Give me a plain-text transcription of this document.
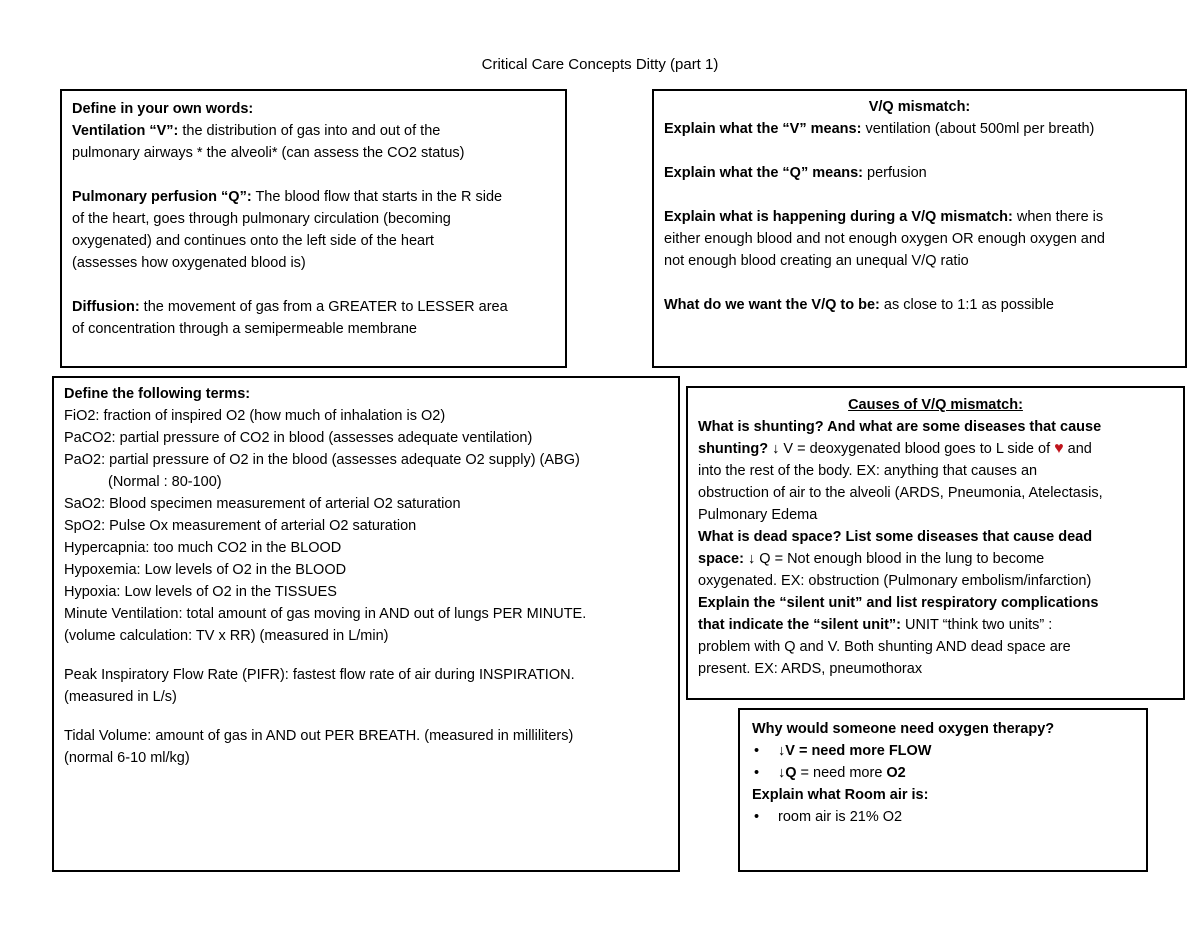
Critical Care Concepts Ditty (part 1)

Define in your own words:

Ventilation “V”: the distribution of gas into and out of the

pulmonary airways * the alveoli* (can assess the CO2 status)

Pulmonary perfusion “Q”: The blood flow that starts in the R side

of the heart, goes through pulmonary circulation (becoming

oxygenated) and continues onto the left side of the heart

(assesses how oxygenated blood is)

Diffusion: the movement of gas from a GREATER to LESSER area

of concentration through a semipermeable membrane

V/Q mismatch:

Explain what the “V” means: ventilation (about 500ml per breath)

Explain what the “Q” means: perfusion

Explain what is happening during a V/Q mismatch: when there is

either enough blood and not enough oxygen OR enough oxygen and

not enough blood creating an unequal V/Q ratio

What do we want the V/Q to be: as close to 1:1 as possible

Define the following terms:

FiO2: fraction of inspired O2 (how much of inhalation is O2)

PaCO2: partial pressure of CO2 in blood (assesses adequate ventilation)

PaO2: partial pressure of O2 in the blood (assesses adequate O2 supply) (ABG)

(Normal : 80-100)

SaO2: Blood specimen measurement of arterial O2 saturation

SpO2: Pulse Ox measurement of arterial O2 saturation

Hypercapnia: too much CO2 in the BLOOD

Hypoxemia: Low levels of O2 in the BLOOD

Hypoxia: Low levels of O2 in the TISSUES

Minute Ventilation: total amount of gas moving in AND out of lungs PER MINUTE.

(volume calculation: TV x RR) (measured in L/min)

Peak Inspiratory Flow Rate (PIFR): fastest flow rate of air during INSPIRATION.

(measured in L/s)

Tidal Volume: amount of gas in AND out PER BREATH. (measured in milliliters)

(normal 6-10 ml/kg)

Causes of V/Q mismatch:

What is shunting? And what are some diseases that cause

shunting? ↓ V = deoxygenated blood goes to L side of ♥ and

into the rest of the body. EX: anything that causes an

obstruction of air to the alveoli (ARDS, Pneumonia, Atelectasis,

Pulmonary Edema

What is dead space? List some diseases that cause dead

space: ↓ Q = Not enough blood in the lung to become

oxygenated. EX: obstruction (Pulmonary embolism/infarction)

Explain the “silent unit” and list respiratory complications

that indicate the “silent unit”: UNIT “think two units” :

problem with Q and V. Both shunting AND dead space are

present. EX: ARDS, pneumothorax

Why would someone need oxygen therapy?

•	↓V = need more FLOW
•	↓Q = need more O2

Explain what Room air is:

•	room air is 21% O2
